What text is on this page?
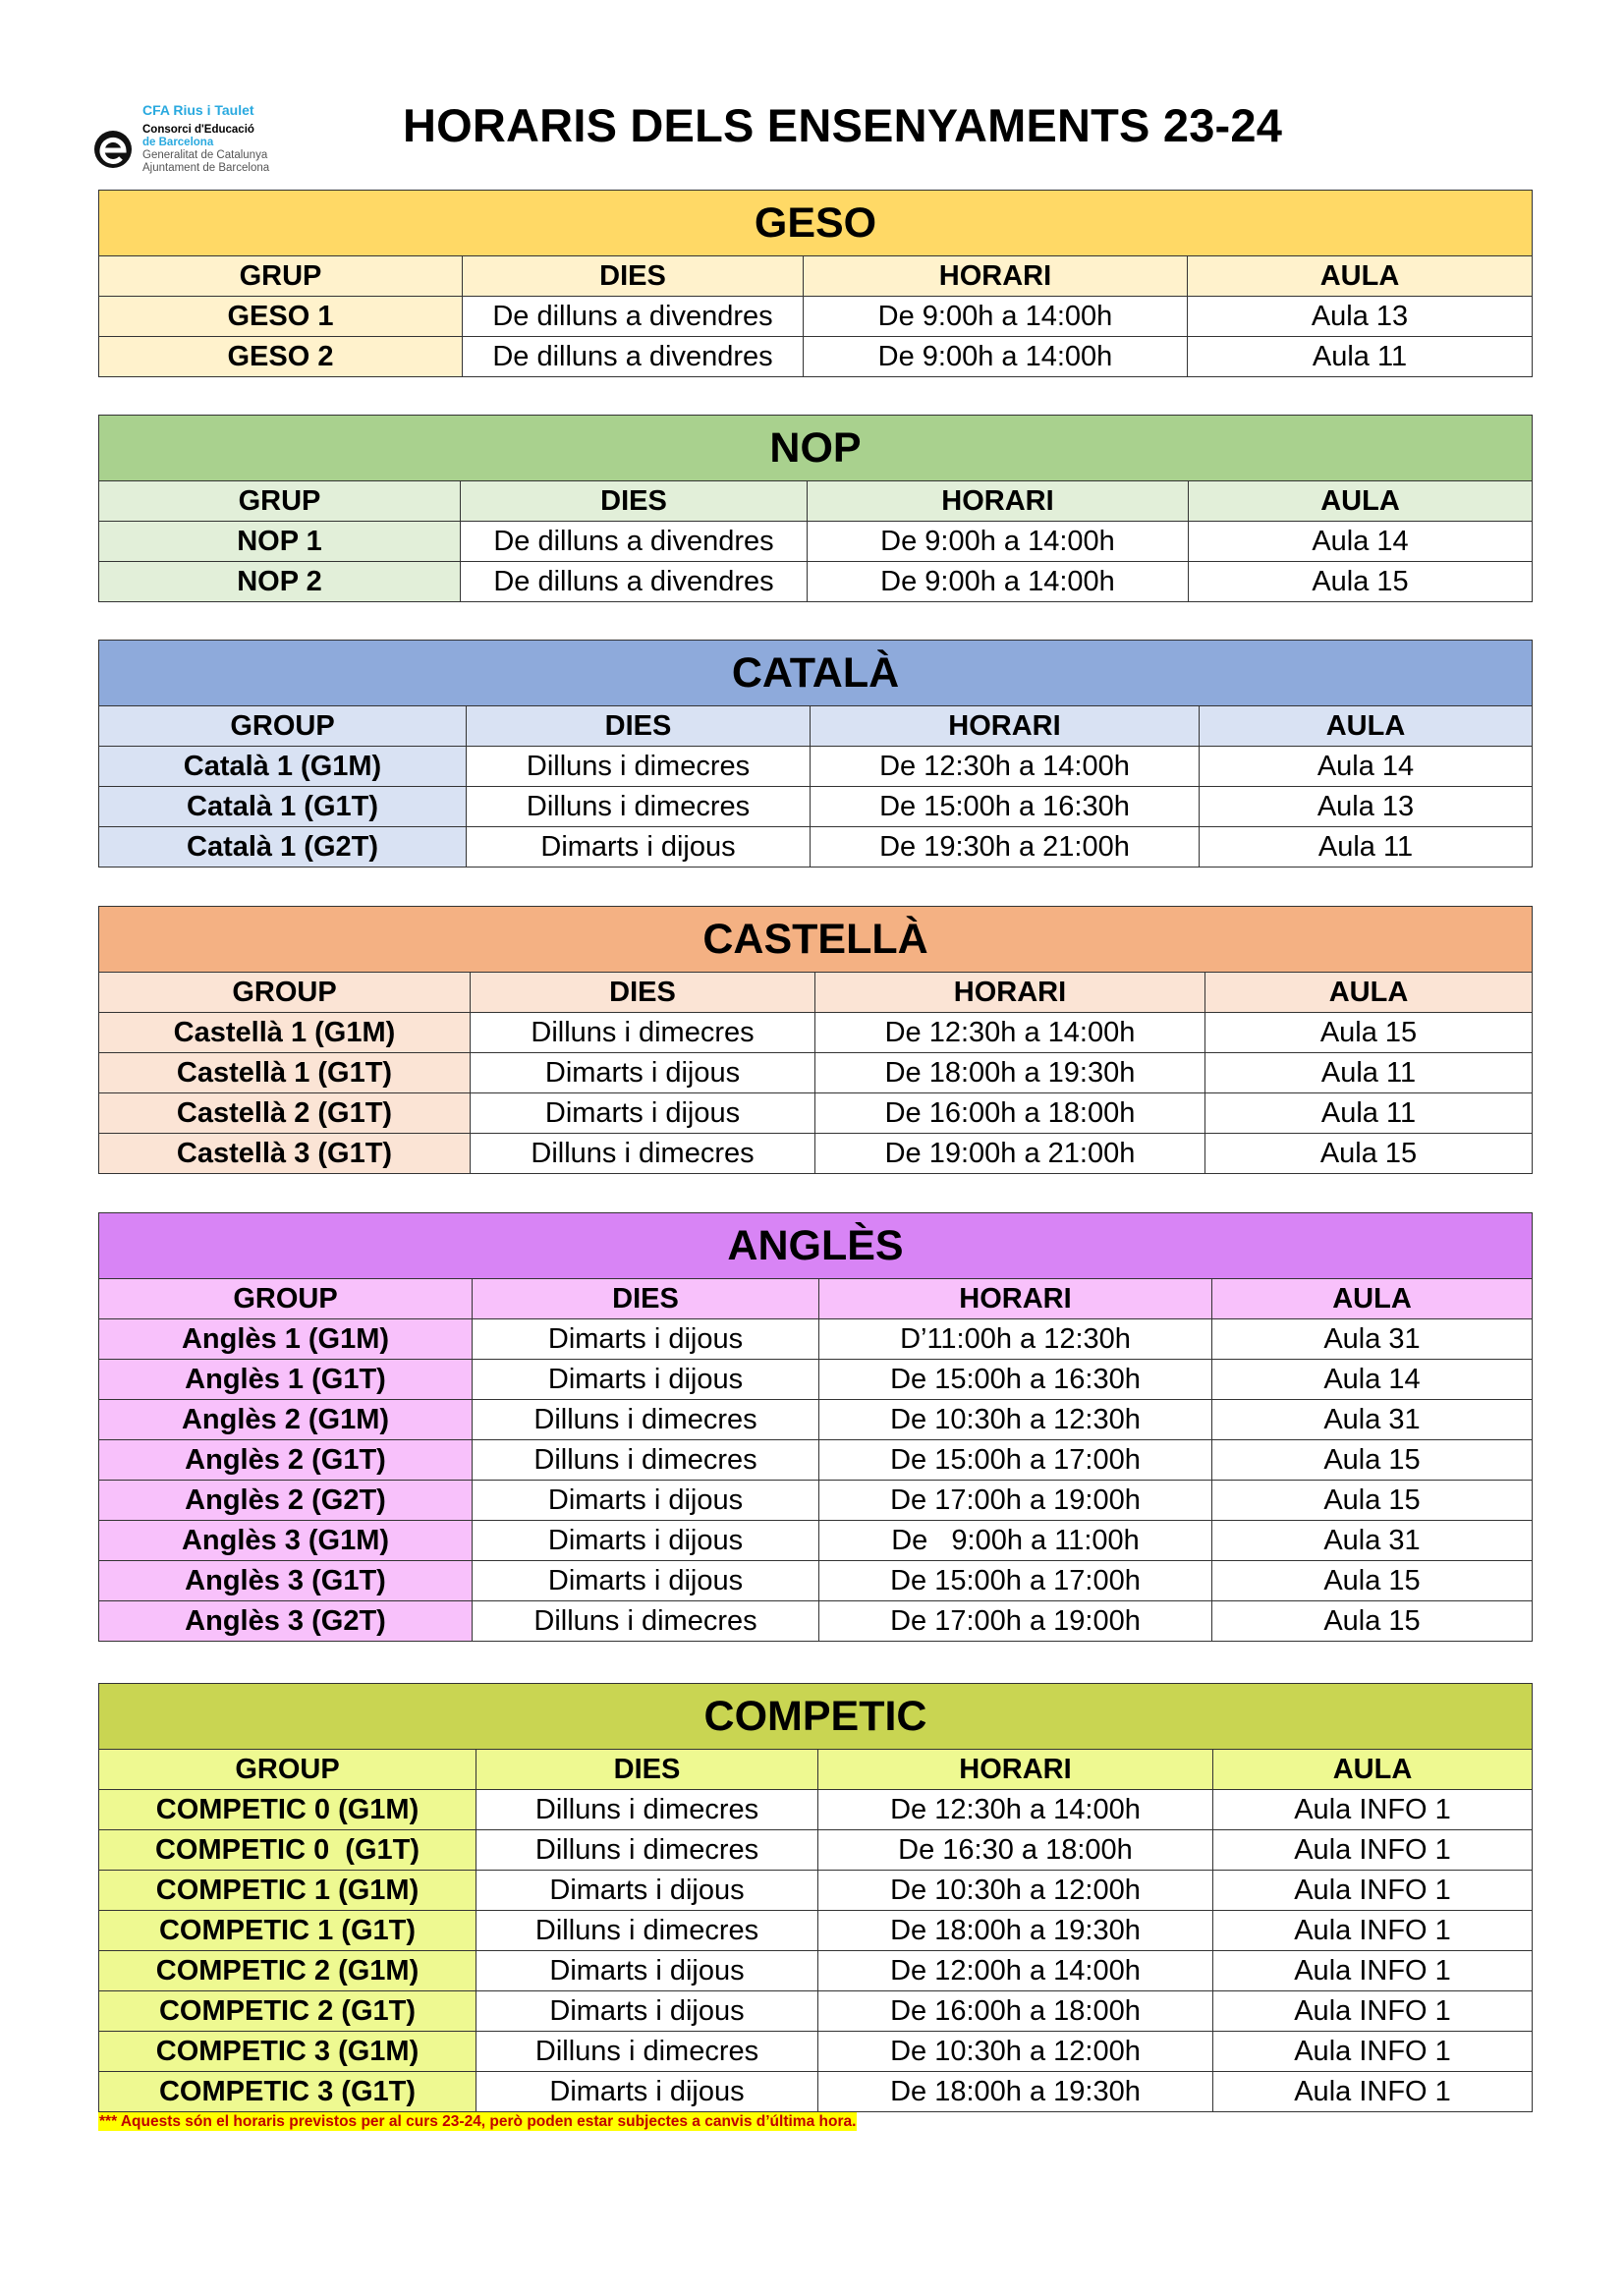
CFA Rius i Taulet
Consorci d'Educació
de Barcelona
Generalitat de Catalunya
Ajuntament de Barcelona
HORARIS DELS ENSENYAMENTS 23-24
GESO			
GRUP	DIES	HORARI	AULA
GESO 1	De dilluns a divendres	De 9:00h a 14:00h	Aula 13
GESO 2	De dilluns a divendres	De 9:00h a 14:00h	Aula 11
NOP			
GRUP	DIES	HORARI	AULA
NOP 1	De dilluns a divendres	De 9:00h a 14:00h	Aula 14
NOP 2	De dilluns a divendres	De 9:00h a 14:00h	Aula 15
CATALÀ			
GROUP	DIES	HORARI	AULA
Català 1 (G1M)	Dilluns i dimecres	De 12:30h a 14:00h	Aula 14
Català 1 (G1T)	Dilluns i dimecres	De 15:00h a 16:30h	Aula 13
Català 1 (G2T)	Dimarts i dijous	De 19:30h a 21:00h	Aula 11
CASTELLÀ			
GROUP	DIES	HORARI	AULA
Castellà 1 (G1M)	Dilluns i dimecres	De 12:30h a 14:00h	Aula 15
Castellà 1 (G1T)	Dimarts i dijous	De 18:00h a 19:30h	Aula 11
Castellà 2 (G1T)	Dimarts i dijous	De 16:00h a 18:00h	Aula 11
Castellà 3 (G1T)	Dilluns i dimecres	De 19:00h a 21:00h	Aula 15
ANGLÈS			
GROUP	DIES	HORARI	AULA
Anglès 1 (G1M)	Dimarts i dijous	D’11:00h a 12:30h	Aula 31
Anglès 1 (G1T)	Dimarts i dijous	De 15:00h a 16:30h	Aula 14
Anglès 2 (G1M)	Dilluns i dimecres	De 10:30h a 12:30h	Aula 31
Anglès 2 (G1T)	Dilluns i dimecres	De 15:00h a 17:00h	Aula 15
Anglès 2 (G2T)	Dimarts i dijous	De 17:00h a 19:00h	Aula 15
Anglès 3 (G1M)	Dimarts i dijous	De   9:00h a 11:00h	Aula 31
Anglès 3 (G1T)	Dimarts i dijous	De 15:00h a 17:00h	Aula 15
Anglès 3 (G2T)	Dilluns i dimecres	De 17:00h a 19:00h	Aula 15
COMPETIC			
GROUP	DIES	HORARI	AULA
COMPETIC 0 (G1M)	Dilluns i dimecres	De 12:30h a 14:00h	Aula INFO 1
COMPETIC 0  (G1T)	Dilluns i dimecres	De 16:30 a 18:00h	Aula INFO 1
COMPETIC 1 (G1M)	Dimarts i dijous	De 10:30h a 12:00h	Aula INFO 1
COMPETIC 1 (G1T)	Dilluns i dimecres	De 18:00h a 19:30h	Aula INFO 1
COMPETIC 2 (G1M)	Dimarts i dijous	De 12:00h a 14:00h	Aula INFO 1
COMPETIC 2 (G1T)	Dimarts i dijous	De 16:00h a 18:00h	Aula INFO 1
COMPETIC 3 (G1M)	Dilluns i dimecres	De 10:30h a 12:00h	Aula INFO 1
COMPETIC 3 (G1T)	Dimarts i dijous	De 18:00h a 19:30h	Aula INFO 1
*** Aquests són el horaris previstos per al curs 23-24, però poden estar subjectes a canvis d’última hora.
